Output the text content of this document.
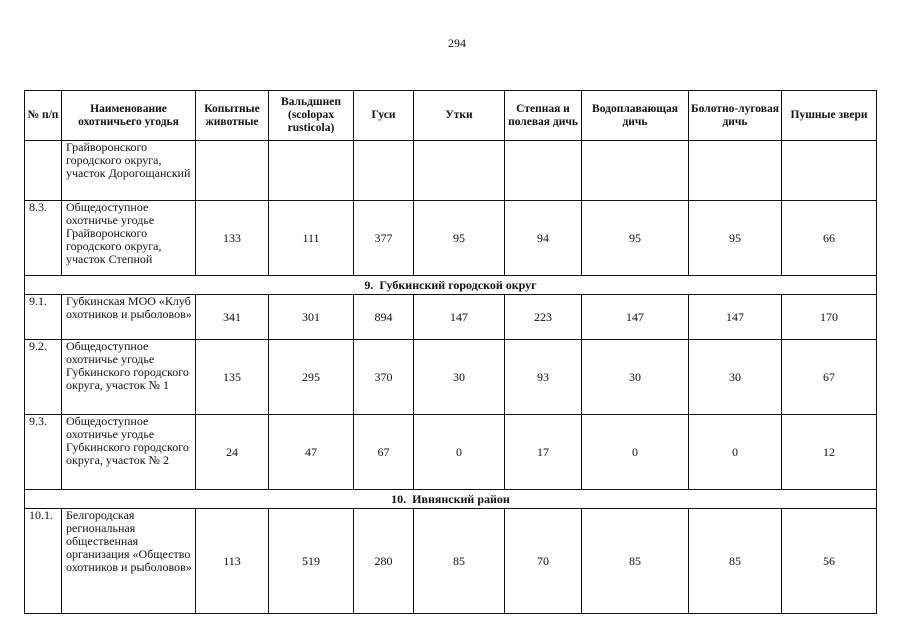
294
№ п/п	Наименование охотничьего угодья	Копытные животные	Вальдшнеп (scolopax rusticola)	Гуси	Утки	Степная и полевая дичь	Водоплавающая дичь	Болотно-луговая дичь	Пушные звери
	Грайворонского городского округа, участок Дорогощанский								
8.3.	Общедоступное охотничье угодье Грайворонского городского округа, участок Степной	133	111	377	95	94	95	95	66
9. Губкинский городской округ									
9.1.	Губкинская МОО «Клуб охотников и рыболовов»	341	301	894	147	223	147	147	170
9.2.	Общедоступное охотничье угодье Губкинского городского округа, участок № 1	135	295	370	30	93	30	30	67
9.3.	Общедоступное охотничье угодье Губкинского городского округа, участок № 2	24	47	67	0	17	0	0	12
10. Ивнянский район									
10.1.	Белгородская региональная общественная организация «Общество охотников и рыболовов»	113	519	280	85	70	85	85	56
